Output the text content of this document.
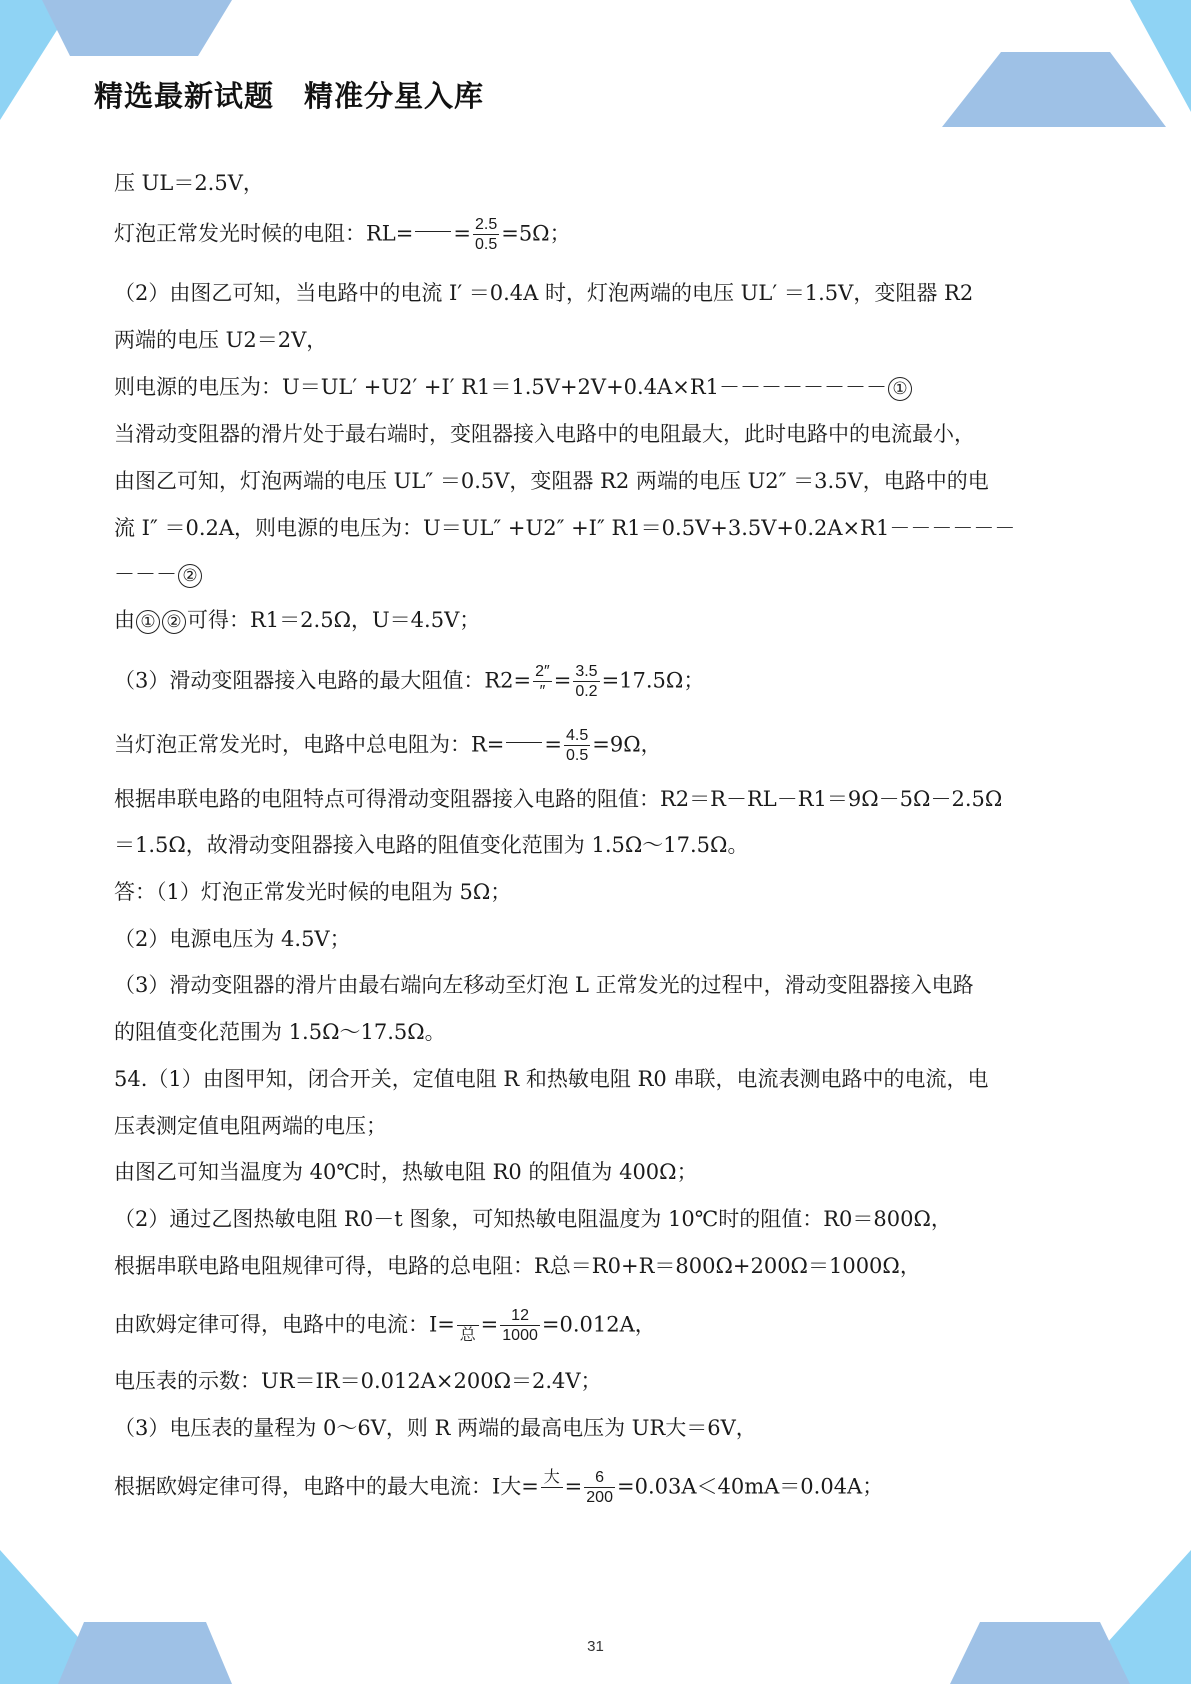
精选最新试题　精准分星入库
压 UL＝2.5V，
灯泡正常发光时候的电阻：$RL= = \frac{2.5}{0.5} =5\Omega$；
（2）由图乙可知，当电路中的电流 I′ ＝0.4A 时，灯泡两端的电压 UL′ ＝1.5V，变阻器 R2
两端的电压 U2＝2V，
则电源的电压为：U＝UL′ +U2′ +I′ R1＝1.5V+2V+0.4A×R1－－－－－－－－ ①
当滑动变阻器的滑片处于最右端时，变阻器接入电路中的电阻最大，此时电路中的电流最小，
由图乙可知，灯泡两端的电压 UL″ ＝0.5V，变阻器 R2 两端的电压 U2″ ＝3.5V，电路中的电
流 I″ ＝0.2A，则电源的电压为：U＝UL″ +U2″ +I″ R1＝0.5V+3.5V+0.2A×R1－－－－－－
－－－ ②
由 ① ② 可得：R1＝2.5Ω，U＝4.5V；
（3）滑动变阻器接入电路的最大阻值：$R2= \frac{2''}{''} = \frac{3.5}{0.2} =17.5\Omega$；
当灯泡正常发光时，电路中总电阻为：$R= = \frac{4.5}{0.5} =9\Omega$，
根据串联电路的电阻特点可得滑动变阻器接入电路的阻值：R2＝R－RL－R1＝9Ω－5Ω－2.5Ω
＝1.5Ω，故滑动变阻器接入电路的阻值变化范围为 1.5Ω～17.5Ω。
答：（1）灯泡正常发光时候的电阻为 5Ω；
（2）电源电压为 4.5V；
（3）滑动变阻器的滑片由最右端向左移动至灯泡 L 正常发光的过程中，滑动变阻器接入电路
的阻值变化范围为 1.5Ω～17.5Ω。
54.（1）由图甲知，闭合开关，定值电阻 R 和热敏电阻 R0 串联，电流表测电路中的电流，电
压表测定值电阻两端的电压；
由图乙可知当温度为 40℃时，热敏电阻 R0 的阻值为 400Ω；
（2）通过乙图热敏电阻 R0－t 图象，可知热敏电阻温度为 10℃时的阻值：R0＝800Ω，
根据串联电路电阻规律可得，电路的总电阻：R总＝R0+R＝800Ω+200Ω＝1000Ω，
由欧姆定律可得，电路中的电流：I=
总 = $\frac{12}{1000} =0.012A$，
电压表的示数：UR＝IR＝0.012A×200Ω＝2.4V；
（3）电压表的量程为 0～6V，则 R 两端的最高电压为 UR大＝6V，
根据欧姆定律可得，电路中的最大电流：I大= 大
= $\frac{6}{200} =0.03A<40mA=0.04A$；
31
